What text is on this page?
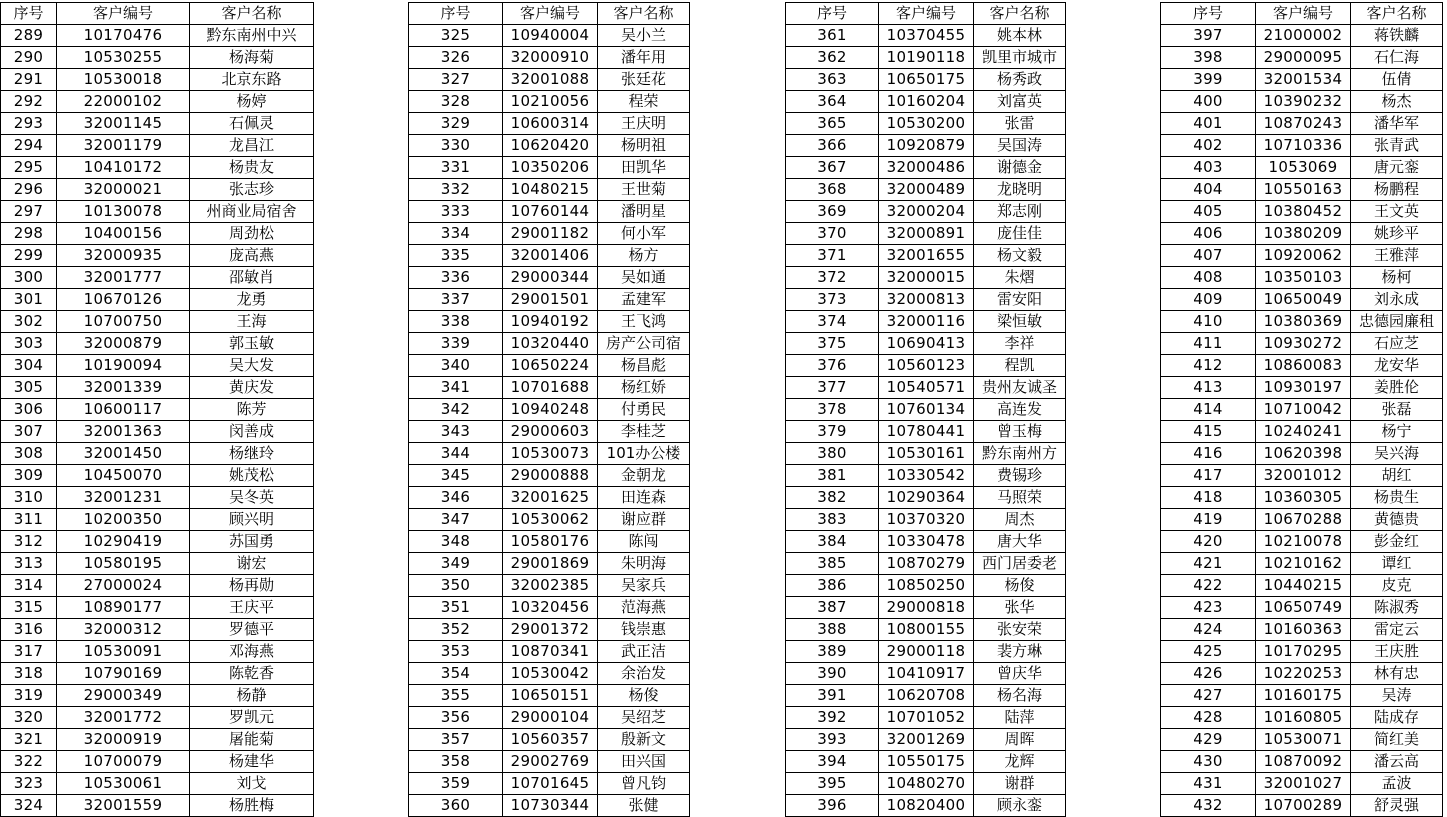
序号	客户编号	客户名称
289	10170476	黔东南州中兴
290	10530255	杨海菊
291	10530018	北京东路
292	22000102	杨婷
293	32001145	石佩灵
294	32001179	龙昌江
295	10410172	杨贵友
296	32000021	张志珍
297	10130078	州商业局宿舍
298	10400156	周劲松
299	32000935	庞高燕
300	32001777	邵敏肖
301	10670126	龙勇
302	10700750	王海
303	32000879	郭玉敏
304	10190094	吴大发
305	32001339	黄庆发
306	10600117	陈芳
307	32001363	闵善成
308	32001450	杨继玲
309	10450070	姚茂松
310	32001231	吴冬英
311	10200350	顾兴明
312	10290419	苏国勇
313	10580195	谢宏
314	27000024	杨再勋
315	10890177	王庆平
316	32000312	罗德平
317	10530091	邓海燕
318	10790169	陈乾香
319	29000349	杨静
320	32001772	罗凯元
321	32000919	屠能菊
322	10700079	杨建华
323	10530061	刘戈
324	32001559	杨胜梅
序号	客户编号	客户名称
325	10940004	吴小兰
326	32000910	潘年用
327	32001088	张廷花
328	10210056	程荣
329	10600314	王庆明
330	10620420	杨明祖
331	10350206	田凯华
332	10480215	王世菊
333	10760144	潘明星
334	29001182	何小军
335	32001406	杨方
336	29000344	吴如通
337	29001501	孟建军
338	10940192	王飞鸿
339	10320440	房产公司宿
340	10650224	杨昌彪
341	10701688	杨红娇
342	10940248	付勇民
343	29000603	李桂芝
344	10530073	101办公楼
345	29000888	金朝龙
346	32001625	田连森
347	10530062	谢应群
348	10580176	陈闯
349	29001869	朱明海
350	32002385	吴家兵
351	10320456	范海燕
352	29001372	钱崇惠
353	10870341	武正洁
354	10530042	余治发
355	10650151	杨俊
356	29000104	吴绍芝
357	10560357	殷新文
358	29002769	田兴国
359	10701645	曾凡钧
360	10730344	张健
序号	客户编号	客户名称
361	10370455	姚本林
362	10190118	凯里市城市
363	10650175	杨秀政
364	10160204	刘富英
365	10530200	张雷
366	10920879	吴国涛
367	32000486	谢德金
368	32000489	龙晓明
369	32000204	郑志刚
370	32000891	庞佳佳
371	32001655	杨文毅
372	32000015	朱熠
373	32000813	雷安阳
374	32000116	梁恒敏
375	10690413	李祥
376	10560123	程凯
377	10540571	贵州友诚圣
378	10760134	高连发
379	10780441	曾玉梅
380	10530161	黔东南州方
381	10330542	费锡珍
382	10290364	马照荣
383	10370320	周杰
384	10330478	唐大华
385	10870279	西门居委老
386	10850250	杨俊
387	29000818	张华
388	10800155	张安荣
389	29000118	裴方琳
390	10410917	曾庆华
391	10620708	杨名海
392	10701052	陆萍
393	32001269	周晖
394	10550175	龙辉
395	10480270	谢群
396	10820400	顾永銮
序号	客户编号	客户名称
397	21000002	蒋铁麟
398	29000095	石仁海
399	32001534	伍倩
400	10390232	杨杰
401	10870243	潘华军
402	10710336	张青武
403	1053069	唐元銮
404	10550163	杨鹏程
405	10380452	王文英
406	10380209	姚珍平
407	10920062	王雅萍
408	10350103	杨柯
409	10650049	刘永成
410	10380369	忠德园廉租
411	10930272	石应芝
412	10860083	龙安华
413	10930197	姜胜伦
414	10710042	张磊
415	10240241	杨宁
416	10620398	吴兴海
417	32001012	胡红
418	10360305	杨贵生
419	10670288	黄德贵
420	10210078	彭金红
421	10210162	谭红
422	10440215	皮克
423	10650749	陈淑秀
424	10160363	雷定云
425	10170295	王庆胜
426	10220253	林有忠
427	10160175	吴涛
428	10160805	陆成存
429	10530071	简红美
430	10870092	潘云高
431	32001027	孟波
432	10700289	舒灵强
